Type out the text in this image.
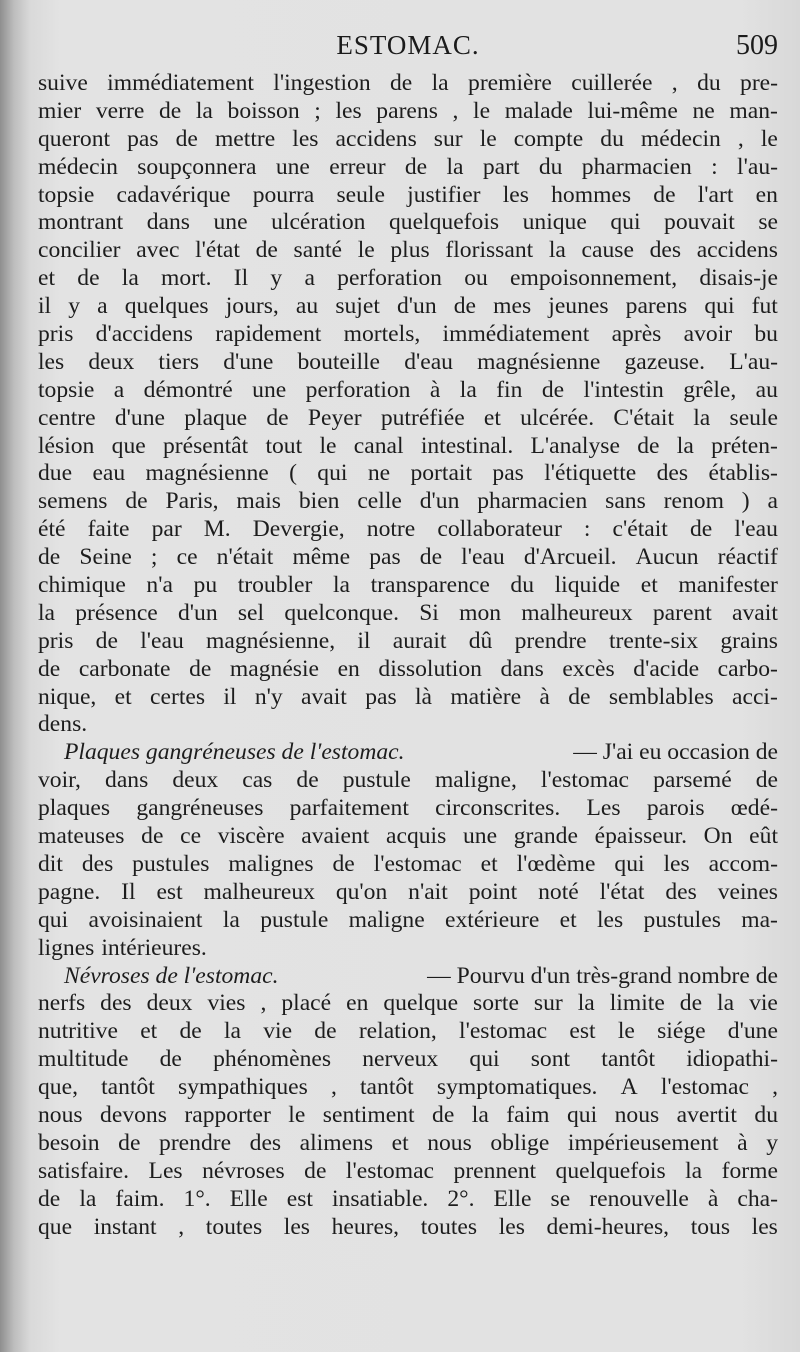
ESTOMAC.	509
suive immédiatement l'ingestion de la première cuillerée , du pre-
mier verre de la boisson ; les parens , le malade lui-même ne man-
queront pas de mettre les accidens sur le compte du médecin , le
médecin soupçonnera une erreur de la part du pharmacien : l'au-
topsie cadavérique pourra seule justifier les hommes de l'art en
montrant dans une ulcération quelquefois unique qui pouvait se
concilier avec l'état de santé le plus florissant la cause des accidens
et de la mort. Il y a perforation ou empoisonnement, disais-je
il y a quelques jours, au sujet d'un de mes jeunes parens qui fut
pris d'accidens rapidement mortels, immédiatement après avoir bu
les deux tiers d'une bouteille d'eau magnésienne gazeuse. L'au-
topsie a démontré une perforation à la fin de l'intestin grêle, au
centre d'une plaque de Peyer putréfiée et ulcérée. C'était la seule
lésion que présentât tout le canal intestinal. L'analyse de la préten-
due eau magnésienne ( qui ne portait pas l'étiquette des établis-
semens de Paris, mais bien celle d'un pharmacien sans renom ) a
été faite par M. Devergie, notre collaborateur : c'était de l'eau
de Seine ; ce n'était même pas de l'eau d'Arcueil. Aucun réactif
chimique n'a pu troubler la transparence du liquide et manifester
la présence d'un sel quelconque. Si mon malheureux parent avait
pris de l'eau magnésienne, il aurait dû prendre trente-six grains
de carbonate de magnésie en dissolution dans excès d'acide carbo-
nique, et certes il n'y avait pas là matière à de semblables acci-
dens.
Plaques gangréneuses de l'estomac.	— J'ai eu occasion de
voir, dans deux cas de pustule maligne, l'estomac parsemé de
plaques gangréneuses parfaitement circonscrites. Les parois œdé-
mateuses de ce viscère avaient acquis une grande épaisseur. On eût
dit des pustules malignes de l'estomac et l'œdème qui les accom-
pagne. Il est malheureux qu'on n'ait point noté l'état des veines
qui avoisinaient la pustule maligne extérieure et les pustules ma-
lignes intérieures.
Névroses de l'estomac.	— Pourvu d'un très-grand nombre de
nerfs des deux vies , placé en quelque sorte sur la limite de la vie
nutritive et de la vie de relation, l'estomac est le siége d'une
multitude de phénomènes nerveux qui sont tantôt idiopathi-
que, tantôt sympathiques , tantôt symptomatiques. A l'estomac ,
nous devons rapporter le sentiment de la faim qui nous avertit du
besoin de prendre des alimens et nous oblige impérieusement à y
satisfaire. Les névroses de l'estomac prennent quelquefois la forme
de la faim. 1°. Elle est insatiable. 2°. Elle se renouvelle à cha-
que instant , toutes les heures, toutes les demi-heures, tous les
